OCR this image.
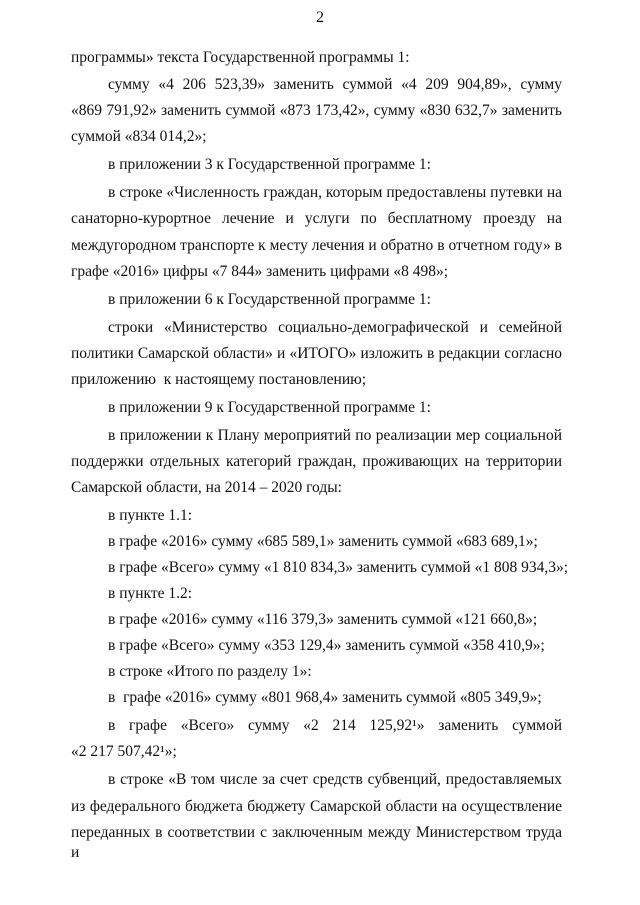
2
программы» текста Государственной программы 1:
сумму «4 206 523,39» заменить суммой «4 209 904,89», сумму
«869 791,92» заменить суммой «873 173,42», сумму «830 632,7» заменить
суммой «834 014,2»;
в приложении 3 к Государственной программе 1:
в строке «Численность граждан, которым предоставлены путевки на
санаторно-курортное лечение и услуги по бесплатному проезду на
междугородном транспорте к месту лечения и обратно в отчетном году» в
графе «2016» цифры «7 844» заменить цифрами «8 498»;
в приложении 6 к Государственной программе 1:
строки «Министерство социально-демографической и семейной
политики Самарской области» и «ИТОГО» изложить в редакции согласно
приложению  к настоящему постановлению;
в приложении 9 к Государственной программе 1:
в приложении к Плану мероприятий по реализации мер социальной
поддержки отдельных категорий граждан, проживающих на территории
Самарской области, на 2014 – 2020 годы:
в пункте 1.1:
в графе «2016» сумму «685 589,1» заменить суммой «683 689,1»;
в графе «Всего» сумму «1 810 834,3» заменить суммой «1 808 934,3»;
в пункте 1.2:
в графе «2016» сумму «116 379,3» заменить суммой «121 660,8»;
в графе «Всего» сумму «353 129,4» заменить суммой «358 410,9»;
в строке «Итого по разделу 1»:
в  графе «2016» сумму «801 968,4» заменить суммой «805 349,9»;
в графе «Всего» сумму «2 214 125,92¹» заменить суммой
«2 217 507,42¹»;
в строке «В том числе за счет средств субвенций, предоставляемых
из федерального бюджета бюджету Самарской области на осуществление
переданных в соответствии с заключенным между Министерством труда и
